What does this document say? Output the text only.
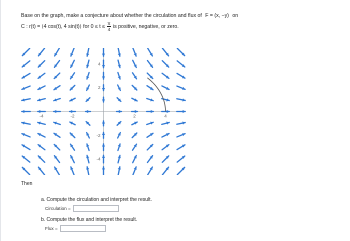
Base on the graph, make a conjecture about whether the circulation and flux of F = (x, −y) on
C : r(t) = ⟨4 cos(t), 4 sin(t)⟩ for $0 \le t \le \frac{\pi}{4}$ is positive, negative, or zero.
-4	-2	2	4
4
2
-2
-4
Then
a. Compute the circulation and interpret the result.
Circulation =
b. Compute the flux and interpret the result.
Flux =
